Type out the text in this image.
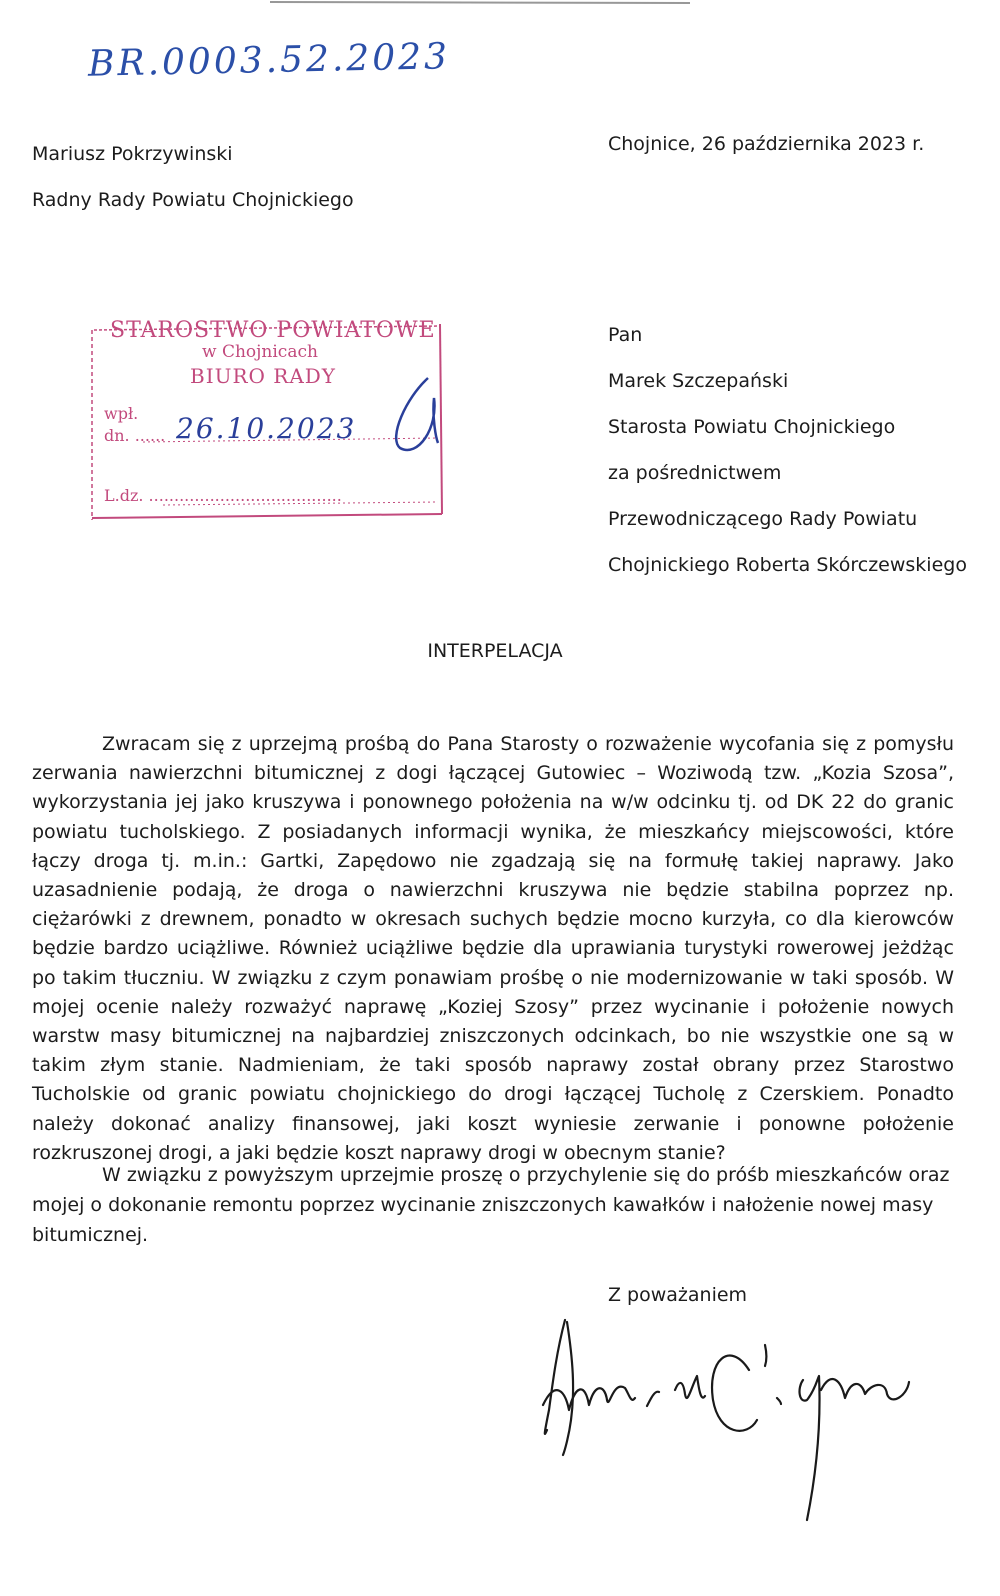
BR.0003.52.2023
Mariusz Pokrzywinski
Radny Rady Powiatu Chojnickiego
Chojnice, 26 października 2023 r.
STAROSTWO POWIATOWE
w Chojnicach
BIURO RADY
wpł.
dn. ...... 26.10.2023
L.dz. ......................................
Pan
Marek Szczepański
Starosta Powiatu Chojnickiego
za pośrednictwem
Przewodniczącego Rady Powiatu
Chojnickiego Roberta Skórczewskiego
INTERPELACJA

Zwracam się z uprzejmą prośbą do Pana Starosty o rozważenie wycofania się z pomysłu zerwania nawierzchni bitumicznej z dogi łączącej Gutowiec – Woziwodą tzw. „Kozia Szosa”, wykorzystania jej jako kruszywa i ponownego położenia na w/w odcinku tj. od DK 22 do granic powiatu tucholskiego. Z posiadanych informacji wynika, że mieszkańcy miejscowości, które łączy droga tj. m.in.: Gartki, Zapędowo nie zgadzają się na formułę takiej naprawy. Jako uzasadnienie podają, że droga o nawierzchni kruszywa nie będzie stabilna poprzez np. ciężarówki z drewnem, ponadto w okresach suchych będzie mocno kurzyła, co dla kierowców będzie bardzo uciążliwe. Również uciążliwe będzie dla uprawiania turystyki rowerowej jeżdżąc po takim tłuczniu. W związku z czym ponawiam prośbę o nie modernizowanie w taki sposób. W mojej ocenie należy rozważyć naprawę „Koziej Szosy” przez wycinanie i położenie nowych warstw masy bitumicznej na najbardziej zniszczonych odcinkach, bo nie wszystkie one są w takim złym stanie. Nadmieniam, że taki sposób naprawy został obrany przez Starostwo Tucholskie od granic powiatu chojnickiego do drogi łączącej Tucholę z Czerskiem. Ponadto należy dokonać analizy finansowej, jaki koszt wyniesie zerwanie i ponowne położenie rozkruszonej drogi, a jaki będzie koszt naprawy drogi w obecnym stanie?

W związku z powyższym uprzejmie proszę o przychylenie się do próśb mieszkańców oraz mojej o dokonanie remontu poprzez wycinanie zniszczonych kawałków i nałożenie nowej masy bitumicznej.

Z poważaniem
